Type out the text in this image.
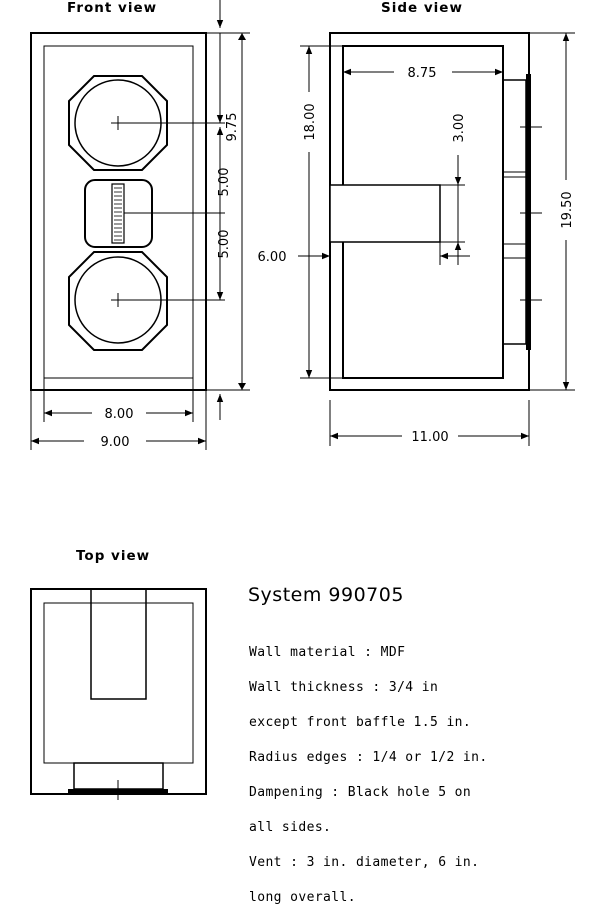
Front view
9.75
5.00
5.00
8.00
9.00
Side view
8.75
18.00	3.00
6.00
19.50
11.00
Top view
System 990705

Wall material : MDF

Wall thickness : 3/4 in

except front baffle 1.5 in.

Radius edges : 1/4 or 1/2 in.

Dampening : Black hole 5 on

all sides.

Vent : 3 in. diameter, 6 in.

long overall.
